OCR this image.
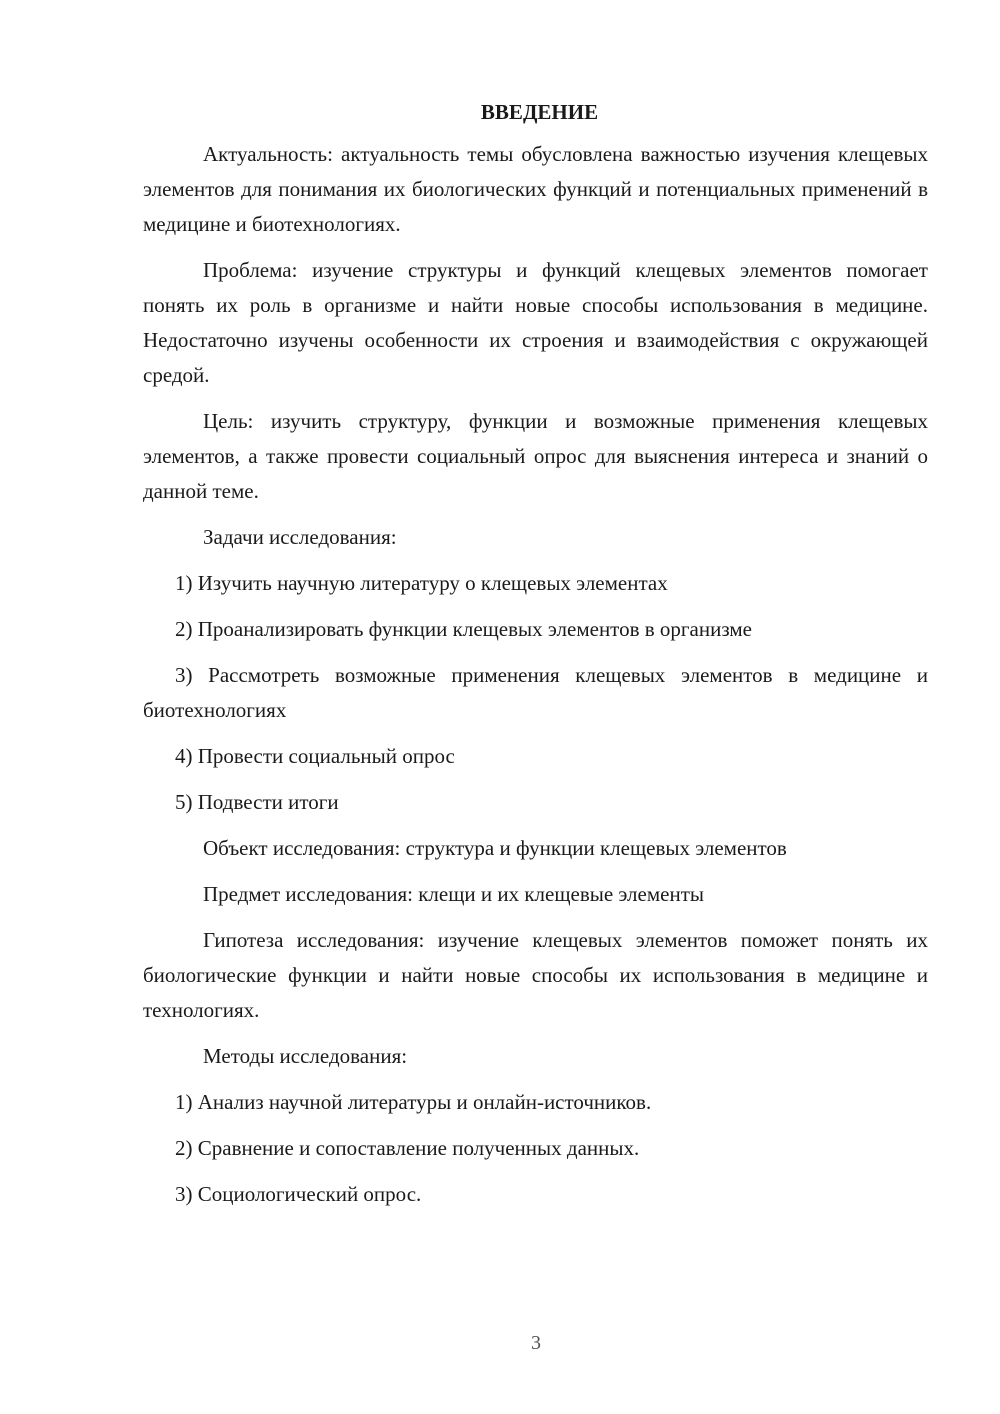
ВВЕДЕНИЕ

Актуальность: актуальность темы обусловлена важностью изучения клещевых элементов для понимания их биологических функций и потенциальных применений в медицине и биотехнологиях.

Проблема: изучение структуры и функций клещевых элементов помогает понять их роль в организме и найти новые способы использования в медицине. Недостаточно изучены особенности их строения и взаимодействия с окружающей средой.

Цель: изучить структуру, функции и возможные применения клещевых элементов, а также провести социальный опрос для выяснения интереса и знаний о данной теме.

Задачи исследования:

1) Изучить научную литературу о клещевых элементах

2) Проанализировать функции клещевых элементов в организме

3) Рассмотреть возможные применения клещевых элементов в медицине и биотехнологиях

4) Провести социальный опрос

5) Подвести итоги

Объект исследования: структура и функции клещевых элементов

Предмет исследования: клещи и их клещевые элементы

Гипотеза исследования: изучение клещевых элементов поможет понять их биологические функции и найти новые способы их использования в медицине и технологиях.

Методы исследования:

1) Анализ научной литературы и онлайн-источников.

2) Сравнение и сопоставление полученных данных.

3) Социологический опрос.

3
